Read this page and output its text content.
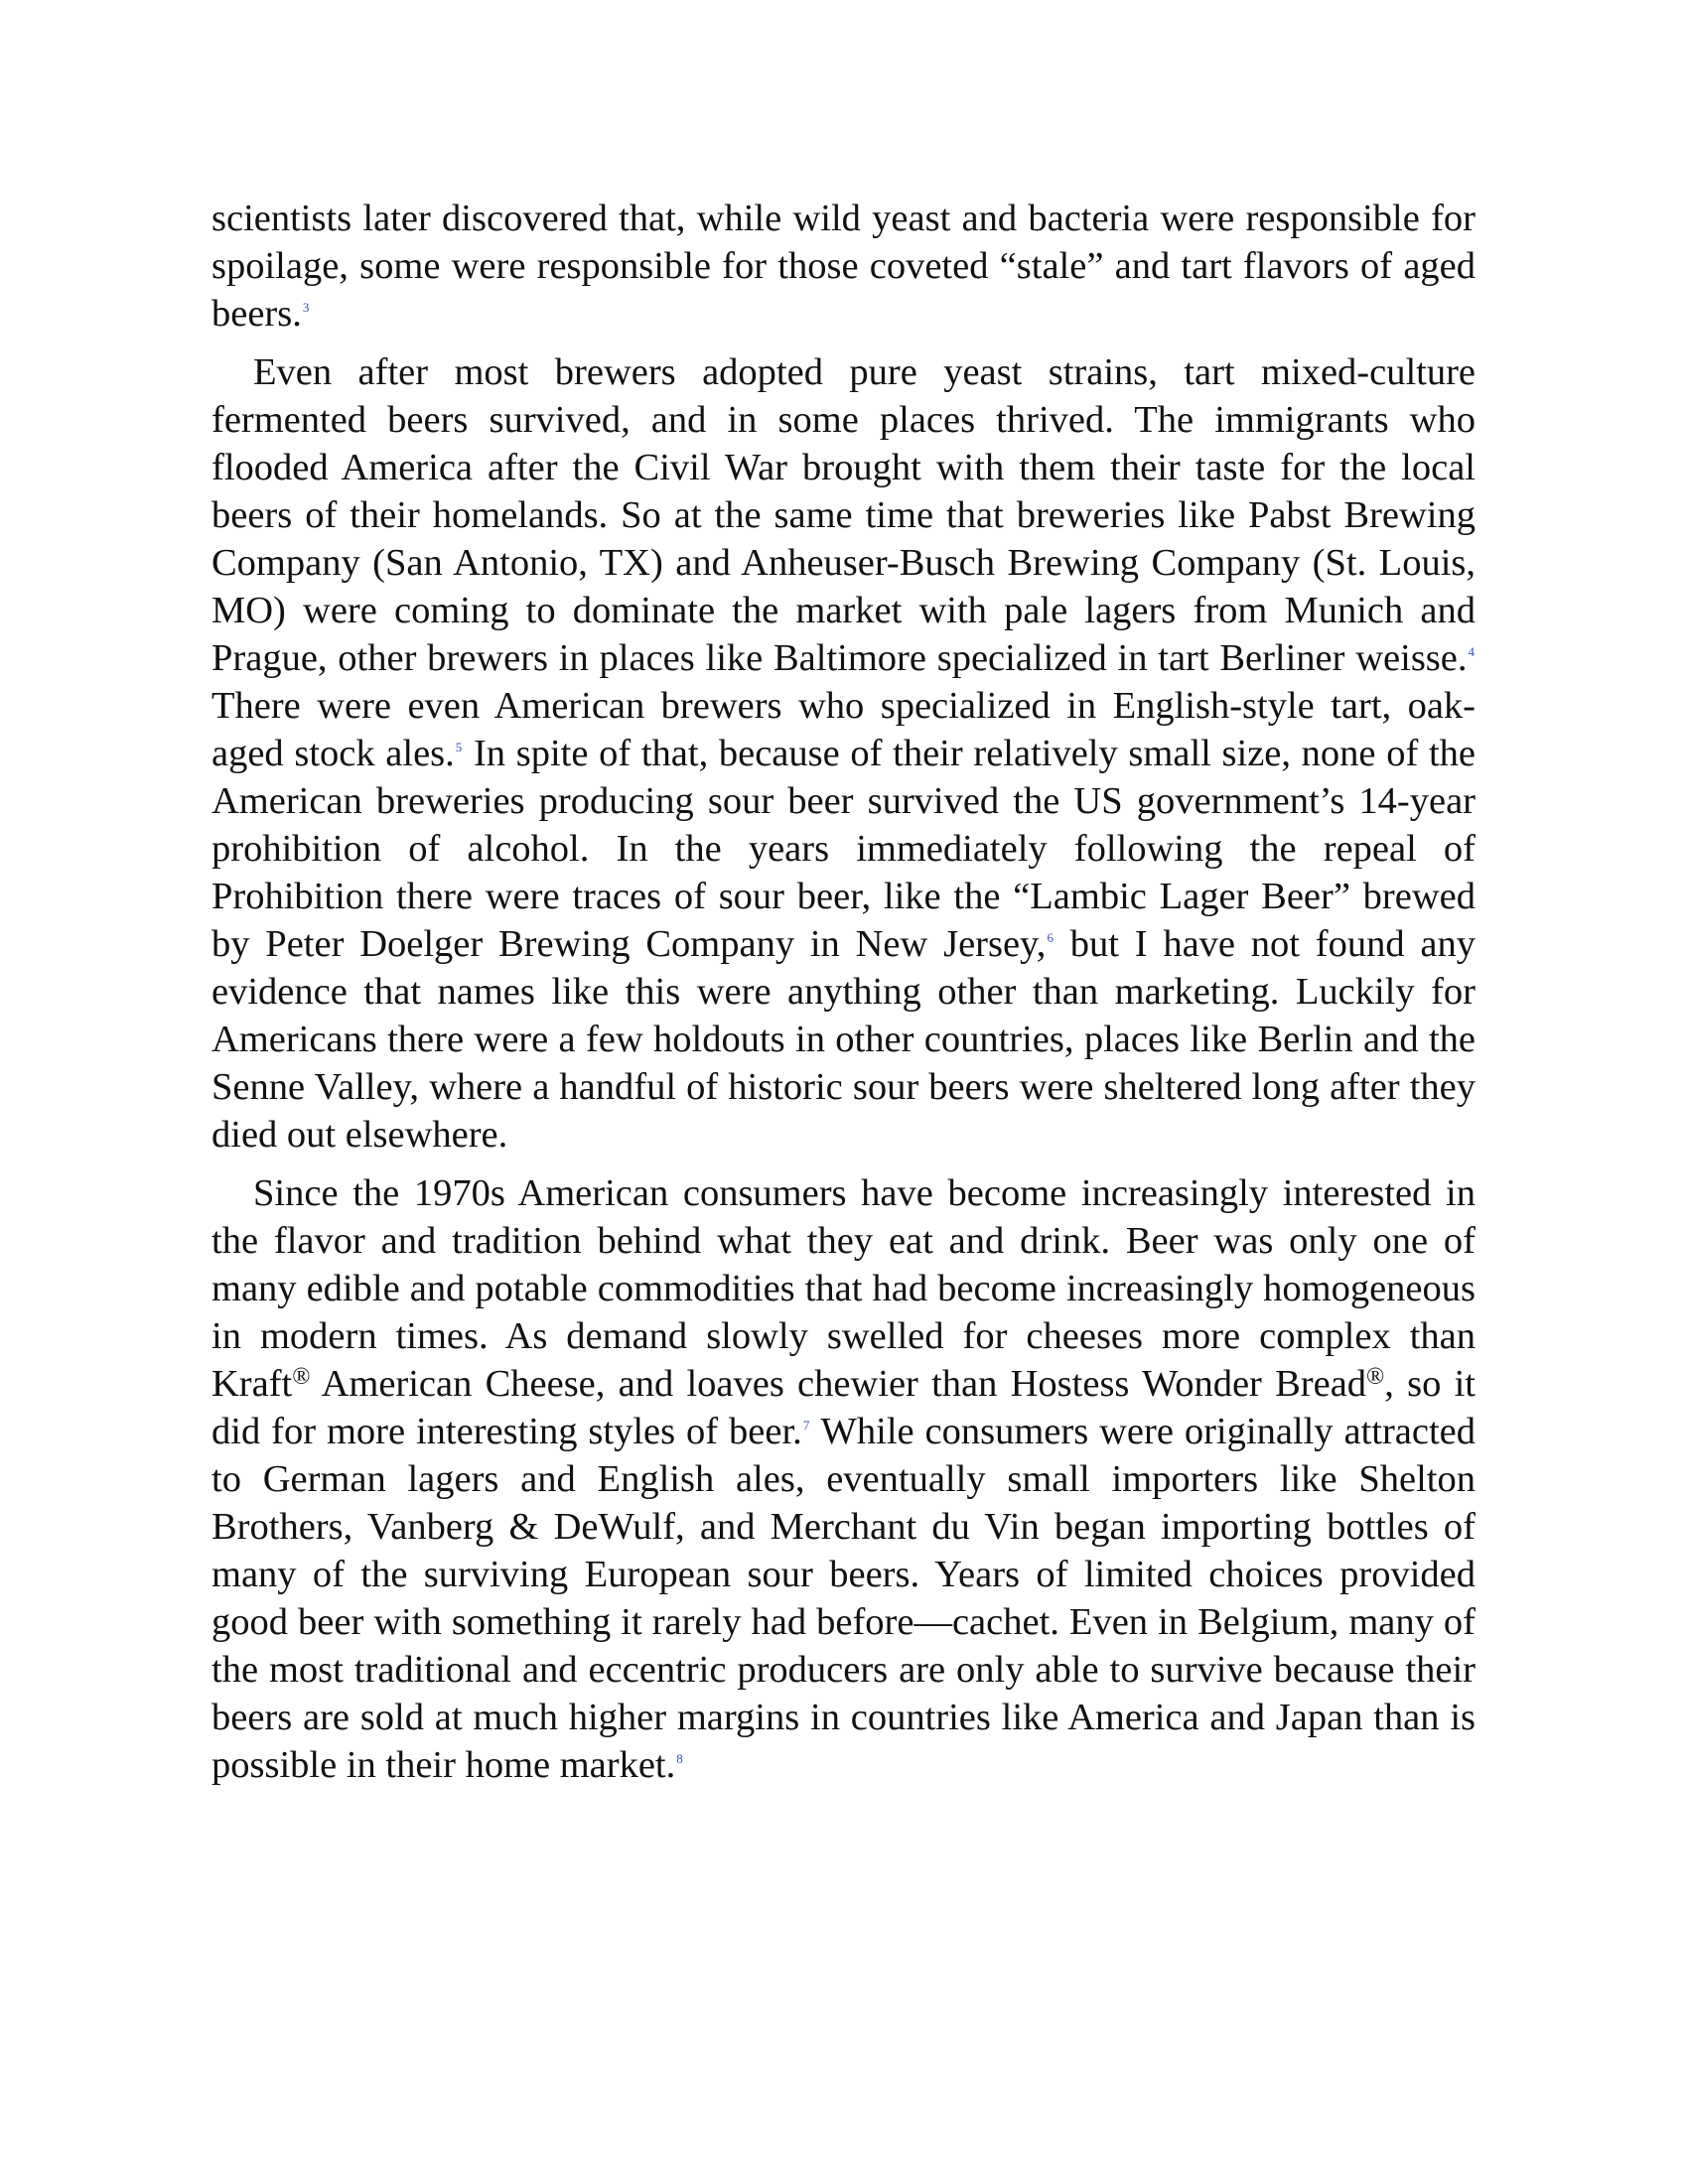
scientists later discovered that, while wild yeast and bacteria were responsible for spoilage, some were responsible for those coveted “stale” and tart flavors of aged beers.$^3$

Even after most brewers adopted pure yeast strains, tart mixed-culture fermented beers survived, and in some places thrived. The immigrants who flooded America after the Civil War brought with them their taste for the local beers of their homelands. So at the same time that breweries like Pabst Brewing Company (San Antonio, TX) and Anheuser-Busch Brewing Company (St. Louis, MO) were coming to dominate the market with pale lagers from Munich and Prague, other brewers in places like Baltimore specialized in tart Berliner weisse.$^4$ There were even American brewers who specialized in English-style tart, oak-aged stock ales.$^5$ In spite of that, because of their relatively small size, none of the American breweries producing sour beer survived the US government’s 14-year prohibition of alcohol. In the years immediately following the repeal of Prohibition there were traces of sour beer, like the “Lambic Lager Beer” brewed by Peter Doelger Brewing Company in New Jersey,$^6$ but I have not found any evidence that names like this were anything other than marketing. Luckily for Americans there were a few holdouts in other countries, places like Berlin and the Senne Valley, where a handful of historic sour beers were sheltered long after they died out elsewhere.

Since the 1970s American consumers have become increasingly interested in the flavor and tradition behind what they eat and drink. Beer was only one of many edible and potable commodities that had become increasingly homogeneous in modern times. As demand slowly swelled for cheeses more complex than Kraft® American Cheese, and loaves chewier than Hostess Wonder Bread®, so it did for more interesting styles of beer.$^7$ While consumers were originally attracted to German lagers and English ales, eventually small importers like Shelton Brothers, Vanberg & DeWulf, and Merchant du Vin began importing bottles of many of the surviving European sour beers. Years of limited choices provided good beer with something it rarely had before—cachet. Even in Belgium, many of the most traditional and eccentric producers are only able to survive because their beers are sold at much higher margins in countries like America and Japan than is possible in their home market.$^8$
